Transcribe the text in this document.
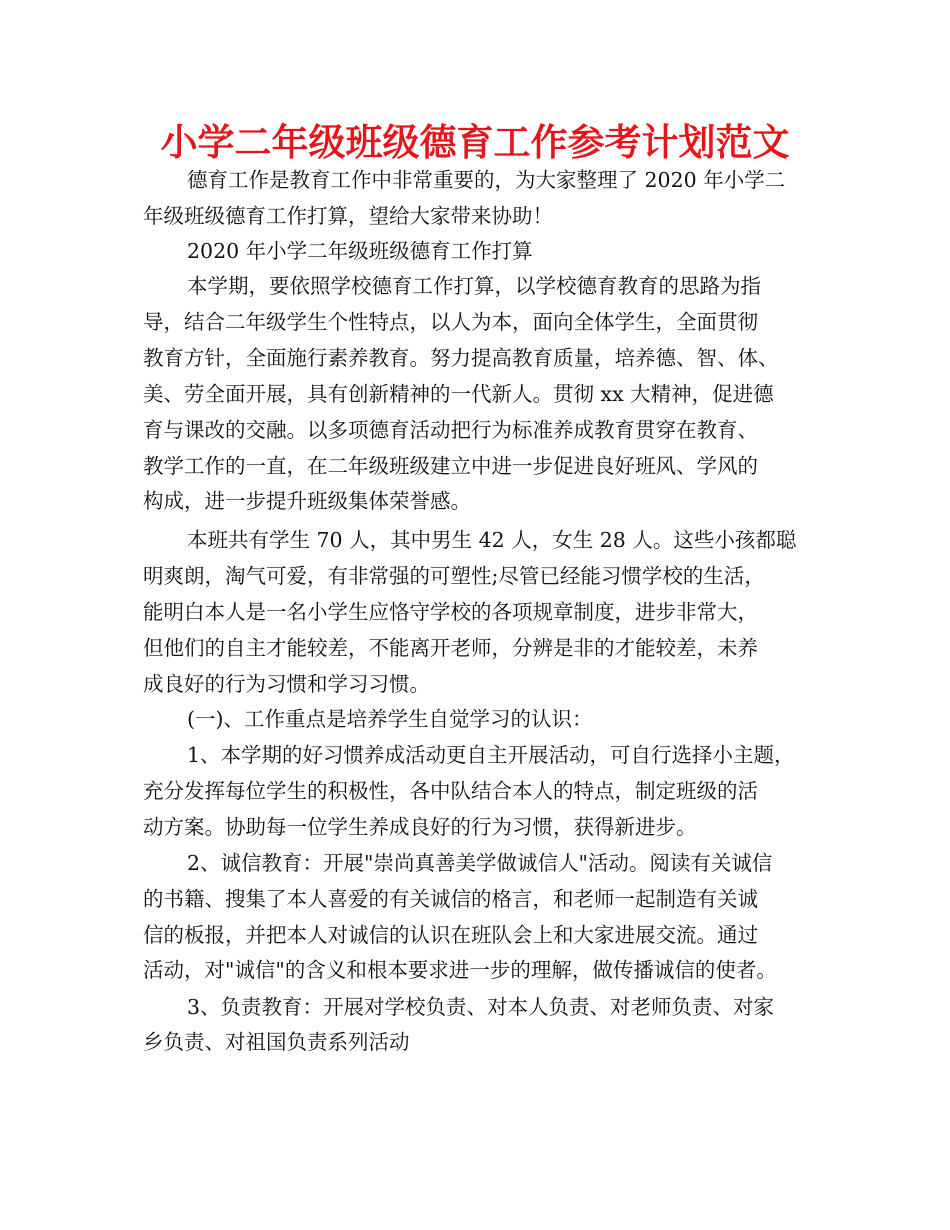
小学二年级班级德育工作参考计划范文
德育工作是教育工作中非常重要的，为大家整理了 2020 年小学二
年级班级德育工作打算，望给大家带来协助！
2020 年小学二年级班级德育工作打算
本学期，要依照学校德育工作打算，以学校德育教育的思路为指
导，结合二年级学生个性特点，以人为本，面向全体学生，全面贯彻
教育方针，全面施行素养教育。努力提高教育质量，培养德、智、体、
美、劳全面开展，具有创新精神的一代新人。贯彻 xx 大精神，促进德
育与课改的交融。以多项德育活动把行为标准养成教育贯穿在教育、
教学工作的一直，在二年级班级建立中进一步促进良好班风、学风的
构成，进一步提升班级集体荣誉感。
本班共有学生 70 人，其中男生 42 人，女生 28 人。这些小孩都聪
明爽朗，淘气可爱，有非常强的可塑性;尽管已经能习惯学校的生活，
能明白本人是一名小学生应恪守学校的各项规章制度，进步非常大，
但他们的自主才能较差，不能离开老师，分辨是非的才能较差，未养
成良好的行为习惯和学习习惯。
(一)、工作重点是培养学生自觉学习的认识：
1、本学期的好习惯养成活动更自主开展活动，可自行选择小主题，
充分发挥每位学生的积极性，各中队结合本人的特点，制定班级的活
动方案。协助每一位学生养成良好的行为习惯，获得新进步。
2、诚信教育：开展"崇尚真善美学做诚信人"活动。阅读有关诚信
的书籍、搜集了本人喜爱的有关诚信的格言，和老师一起制造有关诚
信的板报，并把本人对诚信的认识在班队会上和大家进展交流。通过
活动，对"诚信"的含义和根本要求进一步的理解，做传播诚信的使者。
3、负责教育：开展对学校负责、对本人负责、对老师负责、对家
乡负责、对祖国负责系列活动
